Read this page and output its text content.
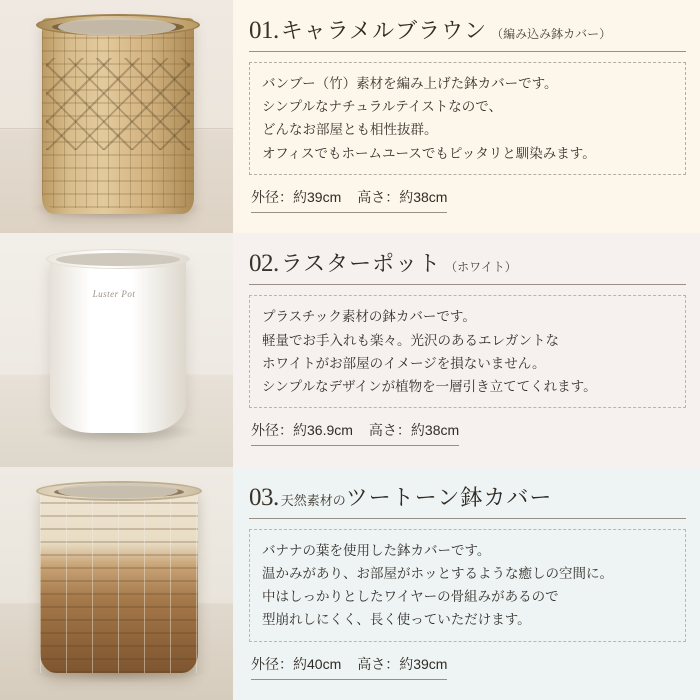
01. キャラメルブラウン （編み込み鉢カバー）
バンブー（竹）素材を編み上げた鉢カバーです。
シンプルなナチュラルテイストなので、
どんなお部屋とも相性抜群。
オフィスでもホームユースでもピッタリと馴染みます。
外径：約39cm 高さ：約38cm
Luster Pot
02. ラスターポット （ホワイト）
プラスチック素材の鉢カバーです。
軽量でお手入れも楽々。光沢のあるエレガントな
ホワイトがお部屋のイメージを損ないません。
シンプルなデザインが植物を一層引き立ててくれます。
外径：約36.9cm 高さ：約38cm
03. 天然素材の ツートーン鉢カバー
バナナの葉を使用した鉢カバーです。
温かみがあり、お部屋がホッとするような癒しの空間に。
中はしっかりとしたワイヤーの骨組みがあるので
型崩れしにくく、長く使っていただけます。
外径：約40cm 高さ：約39cm
